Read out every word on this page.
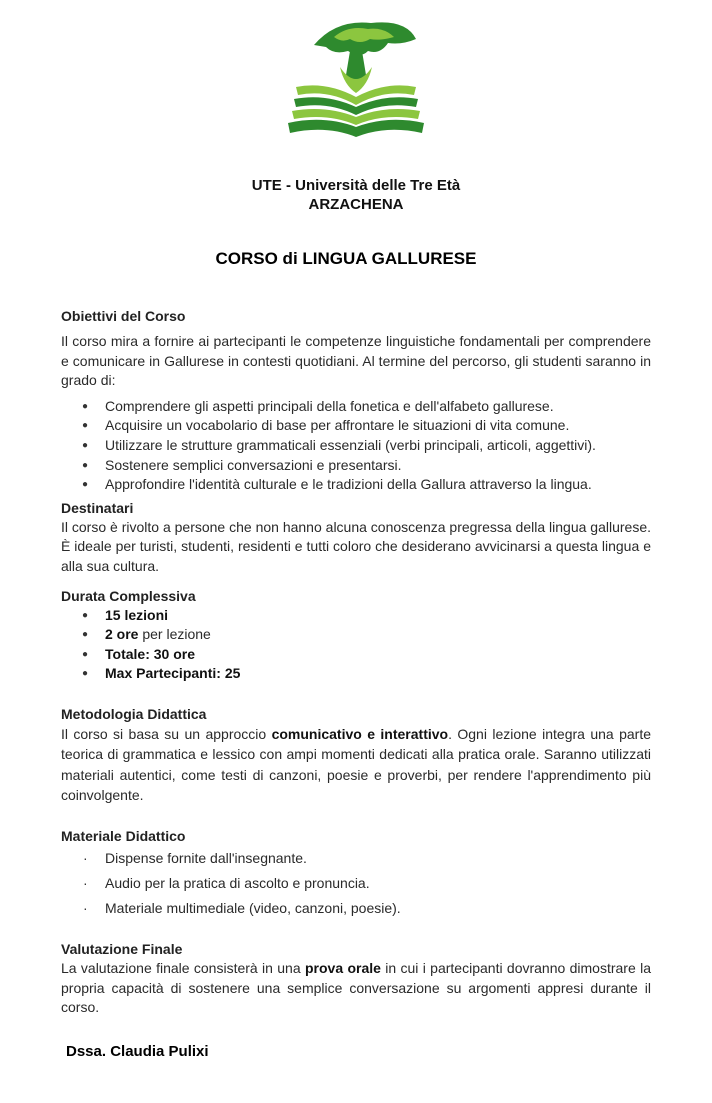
UTE - Università delle Tre Età
ARZACHENA
CORSO di LINGUA GALLURESE
Obiettivi del Corso

Il corso mira a fornire ai partecipanti le competenze linguistiche fondamentali per comprendere e comunicare in Gallurese in contesti quotidiani. Al termine del percorso, gli studenti saranno in grado di:

● Comprendere gli aspetti principali della fonetica e dell'alfabeto gallurese.
● Acquisire un vocabolario di base per affrontare le situazioni di vita comune.
● Utilizzare le strutture grammaticali essenziali (verbi principali, articoli, aggettivi).
● Sostenere semplici conversazioni e presentarsi.
● Approfondire l'identità culturale e le tradizioni della Gallura attraverso la lingua.
Destinatari

Il corso è rivolto a persone che non hanno alcuna conoscenza pregressa della lingua gallurese. È ideale per turisti, studenti, residenti e tutti coloro che desiderano avvicinarsi a questa lingua e alla sua cultura.

Durata Complessiva
● 15 lezioni
● 2 ore per lezione
● Totale: 30 ore
● Max Partecipanti: 25
Metodologia Didattica

Il corso si basa su un approccio comunicativo e interattivo. Ogni lezione integra una parte teorica di grammatica e lessico con ampi momenti dedicati alla pratica orale. Saranno utilizzati materiali autentici, come testi di canzoni, poesie e proverbi, per rendere l'apprendimento più coinvolgente.

Materiale Didattico
· Dispense fornite dall'insegnante.
· Audio per la pratica di ascolto e pronuncia.
· Materiale multimediale (video, canzoni, poesie).
Valutazione Finale

La valutazione finale consisterà in una prova orale in cui i partecipanti dovranno dimostrare la propria capacità di sostenere una semplice conversazione su argomenti appresi durante il corso.

Dssa. Claudia Pulixi
